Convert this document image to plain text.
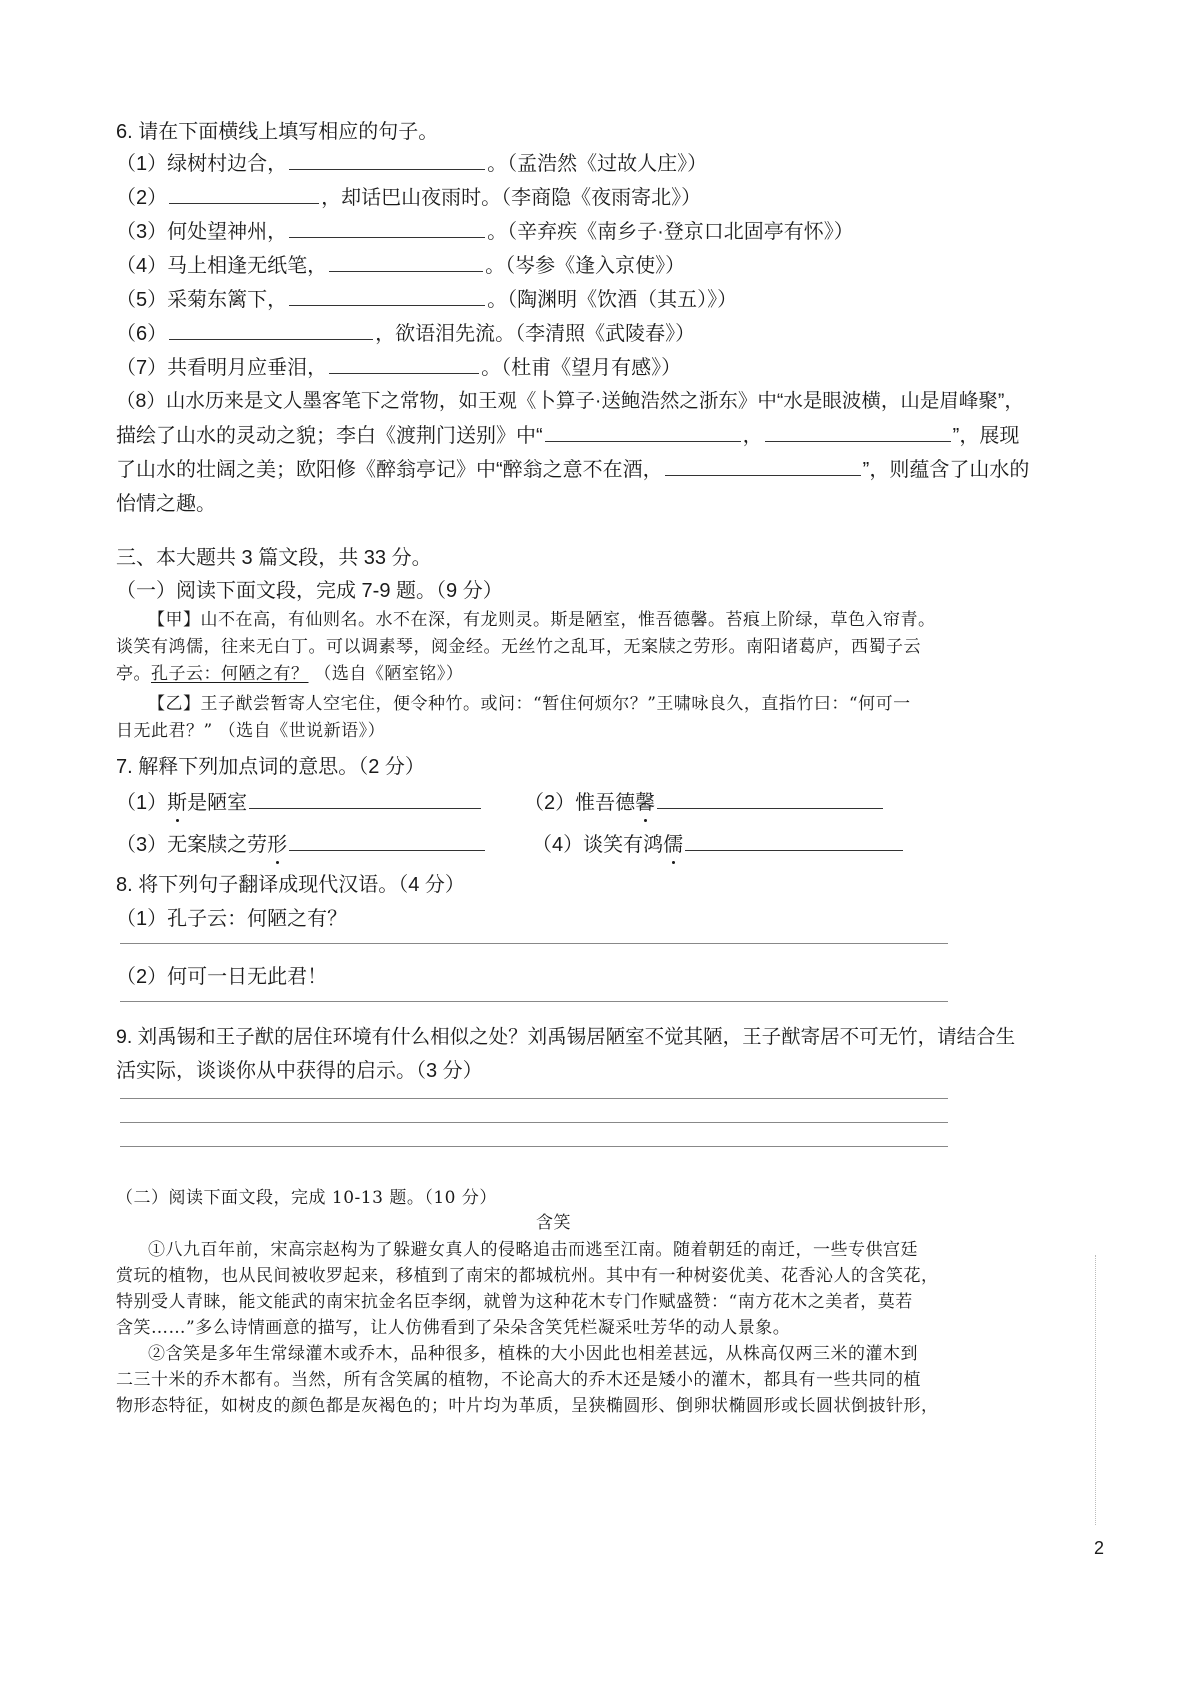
6. 请在下面横线上填写相应的句子。
（1）绿树村边合，	。（孟浩然《过故人庄》）
（2）	，却话巴山夜雨时。（李商隐《夜雨寄北》）
（3）何处望神州，	。（辛弃疾《南乡子·登京口北固亭有怀》）
（4）马上相逢无纸笔，	。（岑参《逢入京使》）
（5）采菊东篱下，	。（陶渊明《饮酒（其五）》）
（6）	，欲语泪先流。（李清照《武陵春》）
（7）共看明月应垂泪，	。（杜甫《望月有感》）
（8）山水历来是文人墨客笔下之常物，如王观《卜算子·送鲍浩然之浙东》中“水是眼波横，山是眉峰聚”，
描绘了山水的灵动之貌；李白《渡荆门送别》中“	，	”，展现
了山水的壮阔之美；欧阳修《醉翁亭记》中“醉翁之意不在酒，	”，则蕴含了山水的
怡情之趣。
三、本大题共 3 篇文段，共 33 分。
（一）阅读下面文段，完成 7-9 题。（9 分）
【甲】山不在高，有仙则名。水不在深，有龙则灵。斯是陋室，惟吾德馨。苔痕上阶绿，草色入帘青。
谈笑有鸿儒，往来无白丁。可以调素琴，阅金经。无丝竹之乱耳，无案牍之劳形。南阳诸葛庐，西蜀子云
亭。孔子云：何陋之有？ （选自《陋室铭》）
【乙】王子猷尝暂寄人空宅住，便令种竹。或问：“暂住何烦尔？”王啸咏良久，直指竹曰：“何可一
日无此君？” （选自《世说新语》）
7. 解释下列加点词的意思。（2 分）
（1）斯是陋室	（2）惟吾德馨
（3）无案牍之劳形	（4）谈笑有鸿儒
8. 将下列句子翻译成现代汉语。（4 分）
（1）孔子云：何陋之有？
（2）何可一日无此君！
9. 刘禹锡和王子猷的居住环境有什么相似之处？刘禹锡居陋室不觉其陋，王子猷寄居不可无竹，请结合生
活实际，谈谈你从中获得的启示。（3 分）
（二）阅读下面文段，完成 10-13 题。（10 分）
含笑
①八九百年前，宋高宗赵构为了躲避女真人的侵略追击而逃至江南。随着朝廷的南迁，一些专供宫廷
赏玩的植物，也从民间被收罗起来，移植到了南宋的都城杭州。其中有一种树姿优美、花香沁人的含笑花，
特别受人青睐，能文能武的南宋抗金名臣李纲，就曾为这种花木专门作赋盛赞：“南方花木之美者，莫若
含笑……”多么诗情画意的描写，让人仿佛看到了朵朵含笑凭栏凝采吐芳华的动人景象。
②含笑是多年生常绿灌木或乔木，品种很多，植株的大小因此也相差甚远，从株高仅两三米的灌木到
二三十米的乔木都有。当然，所有含笑属的植物，不论高大的乔木还是矮小的灌木，都具有一些共同的植
物形态特征，如树皮的颜色都是灰褐色的；叶片均为革质，呈狭椭圆形、倒卵状椭圆形或长圆状倒披针形，
2
